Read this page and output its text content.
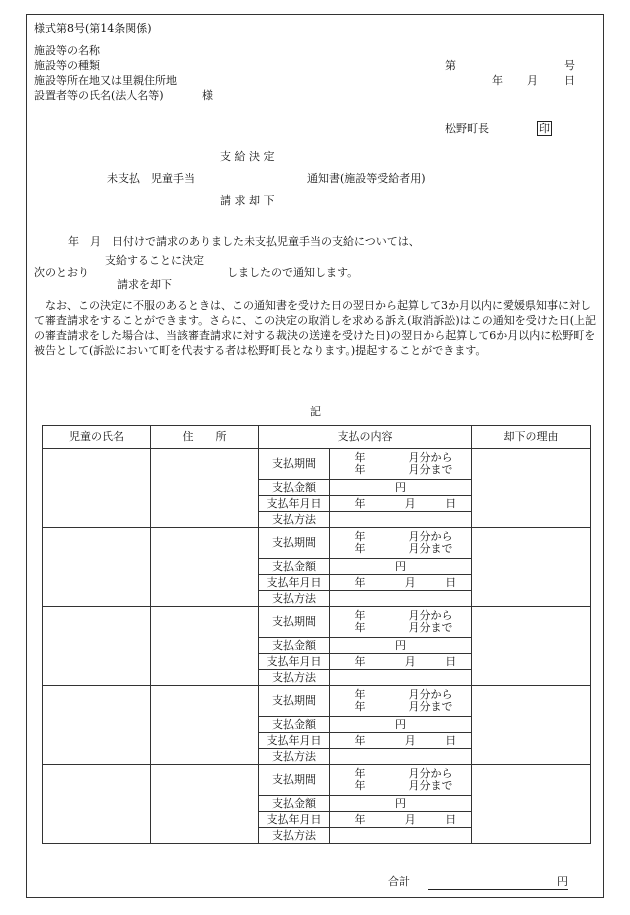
様式第8号(第14条関係)
施設等の名称
施設等の種類
施設等所在地又は里親住所地
設置者等の氏名(法人名等)	様
第	号
年 月 日
松野町長	印
支 給 決 定
未支払　児童手当	通知書(施設等受給者用)
請 求 却 下
年　月　日付けで請求のありました未支払児童手当の支給については、
支給することに決定
次のとおり	しましたので通知します。
請求を却下
なお、この決定に不服のあるときは、この通知書を受けた日の翌日から起算して3か月以内に愛媛県知事に対して審査請求をすることができます。さらに、この決定の取消しを求める訴え(取消訴訟)はこの通知を受けた日(上記の審査請求をした場合は、当該審査請求に対する裁決の送達を受けた日)の翌日から起算して6か月以内に松野町を被告として(訴訟において町を代表する者は松野町長となります。)提起することができます。
記
児童の氏名	住　　所	支払の内容		却下の理由
		支払期間	年 月分から
年 月分まで	

		支払金額	円	
		支払年月日	年 月 日	

		支払方法		
		支払期間	年 月分から
年 月分まで	

		支払金額	円	
		支払年月日	年 月 日	

		支払方法		
		支払期間	年 月分から
年 月分まで	

		支払金額	円	
		支払年月日	年 月 日	

		支払方法		
		支払期間	年 月分から
年 月分まで	

		支払金額	円	
		支払年月日	年 月 日	

		支払方法		
		支払期間	年 月分から
年 月分まで	

		支払金額	円	
		支払年月日	年 月 日	

		支払方法		
合計	円
